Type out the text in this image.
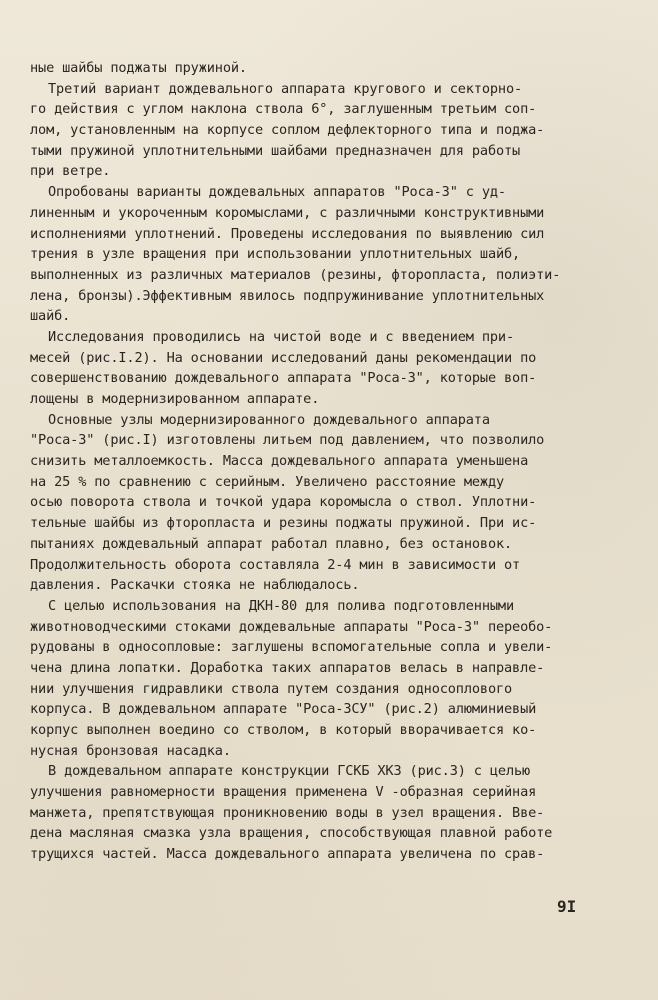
ные шайбы поджаты пружиной.
Третий вариант дождевального аппарата кругового и секторно-
го действия с углом наклона ствола 6°, заглушенным третьим соп-
лом, установленным на корпусе соплом дефлекторного типа и поджа-
тыми пружиной уплотнительными шайбами предназначен для работы
при ветре.
Опробованы варианты дождевальных аппаратов "Роса-3" с уд-
линенным и укороченным коромыслами, с различными конструктивными
исполнениями уплотнений. Проведены исследования по выявлению сил
трения в узле вращения при использовании уплотнительных шайб,
выполненных из различных материалов (резины, фторопласта, полиэти-
лена, бронзы).Эффективным явилось подпружинивание уплотнительных
шайб.
Исследования проводились на чистой воде и с введением при-
месей (рис.I.2). На основании исследований даны рекомендации по
совершенствованию дождевального аппарата "Роса-3", которые воп-
лощены в модернизированном аппарате.
Основные узлы модернизированного дождевального аппарата
"Роса-3" (рис.I) изготовлены литьем под давлением, что позволило
снизить металлоемкость. Масса дождевального аппарата уменьшена
на 25 % по сравнению с серийным. Увеличено расстояние между
осью поворота ствола и точкой удара коромысла о ствол. Уплотни-
тельные шайбы из фторопласта и резины поджаты пружиной. При ис-
пытаниях дождевальный аппарат работал плавно, без остановок.
Продолжительность оборота составляла 2-4 мин в зависимости от
давления. Раскачки стояка не наблюдалось.
С целью использования на ДКН-80 для полива подготовленными
животноводческими стоками дождевальные аппараты "Роса-3" переобо-
рудованы в односопловые: заглушены вспомогательные сопла и увели-
чена длина лопатки. Доработка таких аппаратов велась в направле-
нии улучшения гидравлики ствола путем создания односоплового
корпуса. В дождевальном аппарате "Роса-3СУ" (рис.2) алюминиевый
корпус выполнен воедино со стволом, в который вворачивается ко-
нусная бронзовая насадка.
В дождевальном аппарате конструкции ГСКБ ХКЗ (рис.3) с целью
улучшения равномерности вращения применена V -образная серийная
манжета, препятствующая проникновению воды в узел вращения. Вве-
дена масляная смазка узла вращения, способствующая плавной работе
трущихся частей. Масса дождевального аппарата увеличена по срав-
9I
